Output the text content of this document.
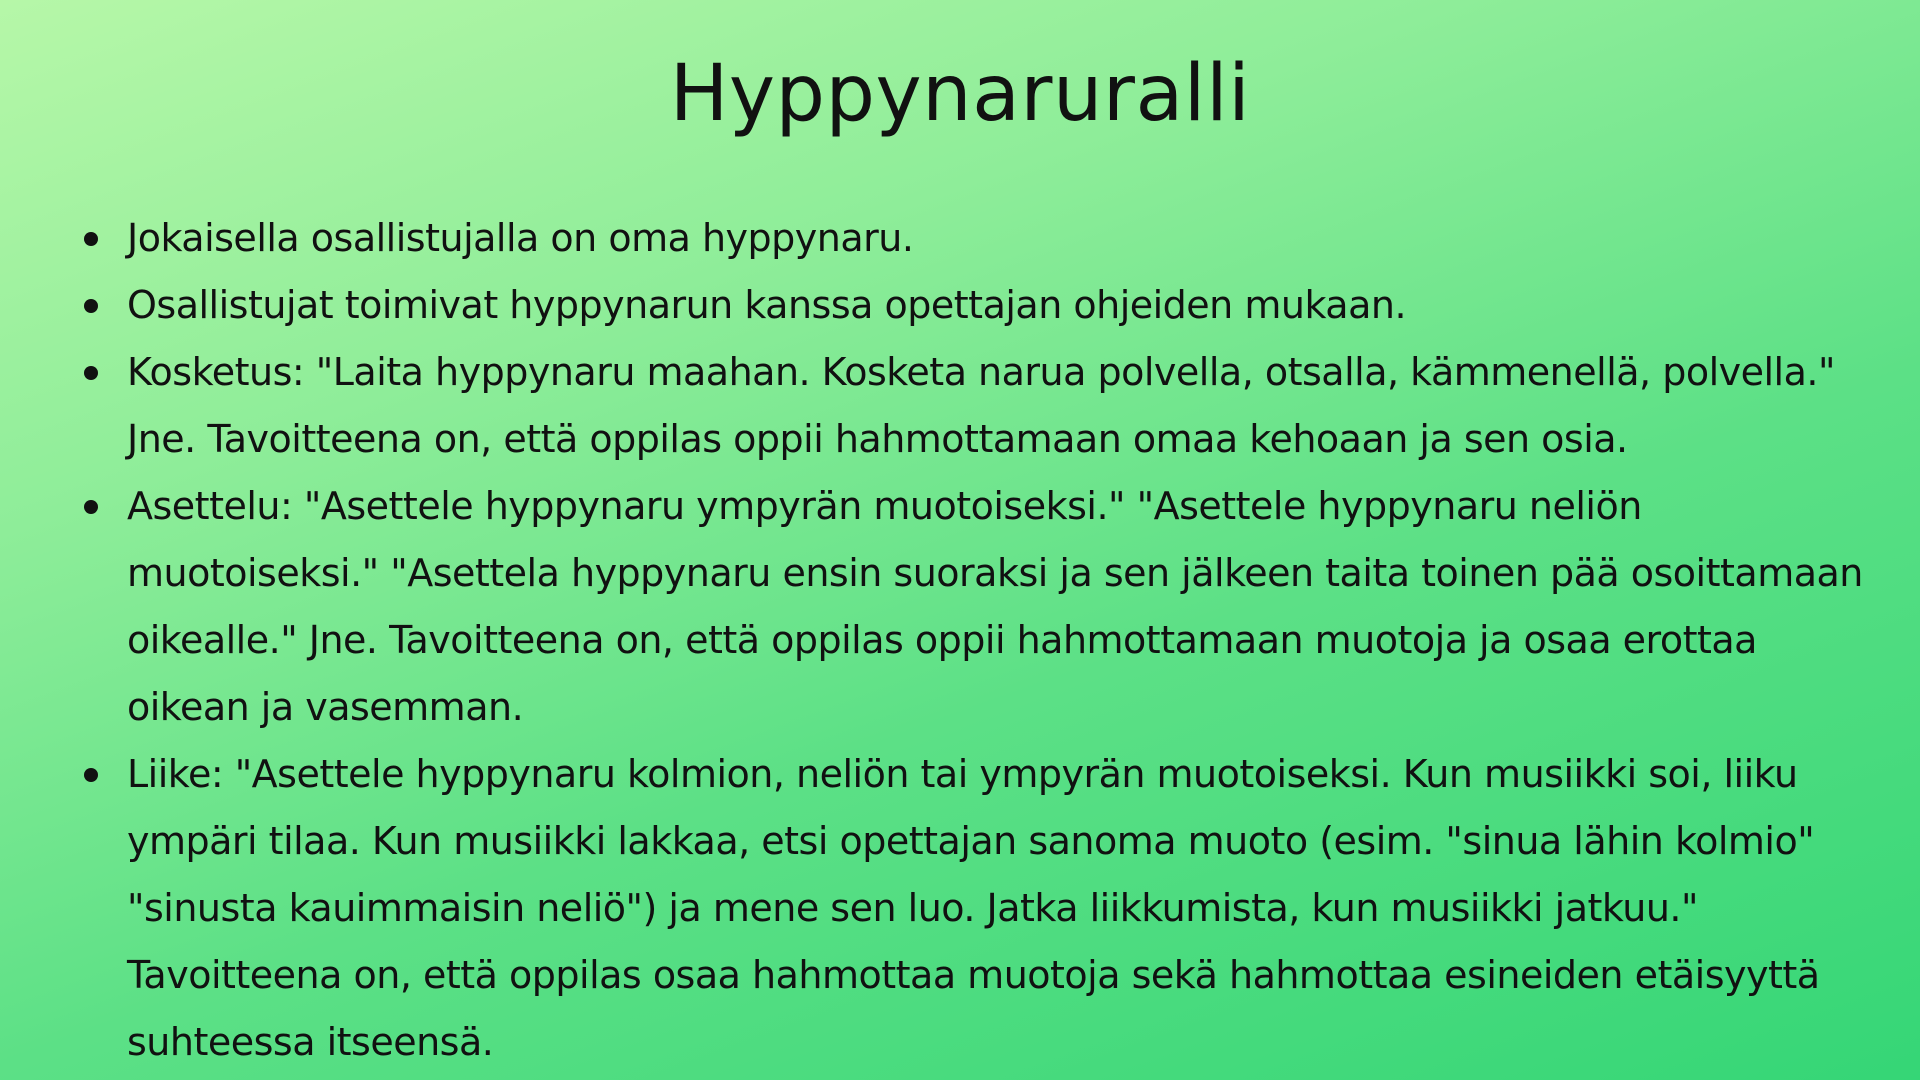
Hyppynaruralli
Jokaisella osallistujalla on oma hyppynaru.
Osallistujat toimivat hyppynarun kanssa opettajan ohjeiden mukaan.
Kosketus: "Laita hyppynaru maahan. Kosketa narua polvella, otsalla, kämmenellä, polvella." Jne. Tavoitteena on, että oppilas oppii hahmottamaan omaa kehoaan ja sen osia.
Asettelu: "Asettele hyppynaru ympyrän muotoiseksi." "Asettele hyppynaru neliön muotoiseksi." "Asettela hyppynaru ensin suoraksi ja sen jälkeen taita toinen pää osoittamaan oikealle." Jne. Tavoitteena on, että oppilas oppii hahmottamaan muotoja ja osaa erottaa oikean ja vasemman.
Liike: "Asettele hyppynaru kolmion, neliön tai ympyrän muotoiseksi. Kun musiikki soi, liiku ympäri tilaa. Kun musiikki lakkaa, etsi opettajan sanoma muoto (esim. "sinua lähin kolmio" "sinusta kauimmaisin neliö") ja mene sen luo. Jatka liikkumista, kun musiikki jatkuu." Tavoitteena on, että oppilas osaa hahmottaa muotoja sekä hahmottaa esineiden etäisyyttä suhteessa itseensä.
